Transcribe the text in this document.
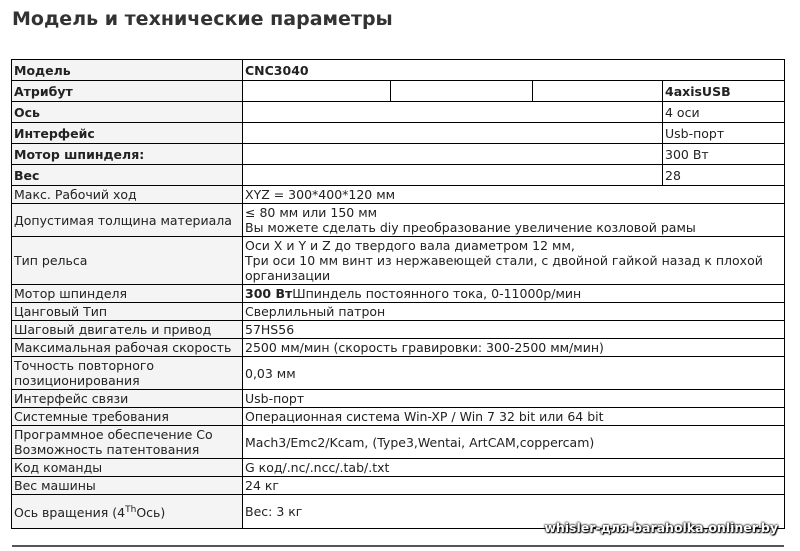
Модель и технические параметры
Модель	CNC3040			
Атрибут				4axisUSB
Ось				4 оси
Интерфейс				Usb-порт
Мотор шпинделя:				300 Вт
Вес				28
Макс. Рабочий ход	XYZ = 300*400*120 мм			
Допустимая толщина материала	≤ 80 мм или 150 мм
Вы можете сделать diy преобразование увеличение козловой рамы			
Тип рельса	Оси X и Y и Z до твердого вала диаметром 12 мм,
Три оси 10 мм винт из нержавеющей стали, с двойной гайкой назад к плохой организации			
Мотор шпинделя	300 ВтШпиндель постоянного тока, 0-11000р/мин			
Цанговый Тип	Сверлильный патрон			
Шаговый двигатель и привод	57HS56			
Максимальная рабочая скорость	2500 мм/мин (скорость гравировки: 300-2500 мм/мин)			
Точность повторного позиционирования	0,03 мм			
Интерфейс связи	Usb-порт			
Системные требования	Операционная система Win-XP / Win 7 32 bit или 64 bit			
Программное обеспечение Со Возможность патентования	Mach3/Emc2/Kcam, (Type3,Wentai, ArtCAM,coppercam)			
Код команды	G код/.nc/.ncc/.tab/.txt			
Вес машины	24 кг			
Ось вращения (4ThОсь)	Вес: 3 кг			
whisler-для-baraholka.onliner.by
